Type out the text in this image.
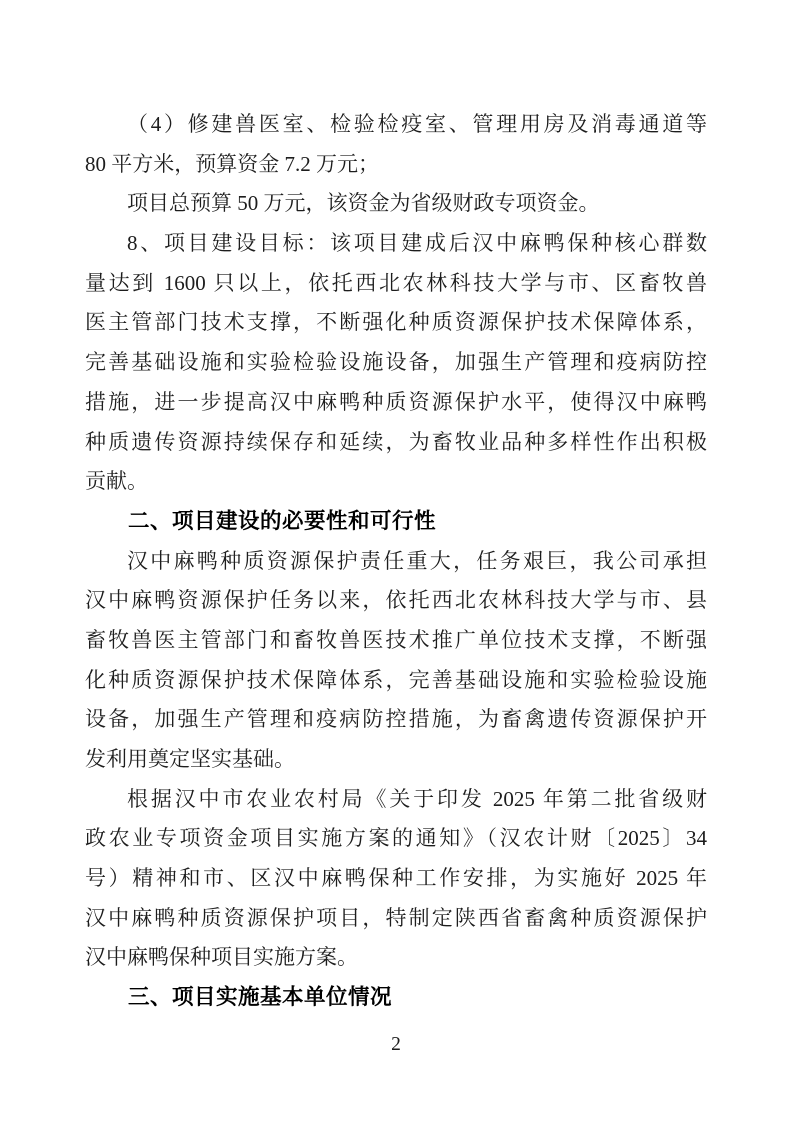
（4）修建兽医室、检验检疫室、管理用房及消毒通道等
80 平方米，预算资金 7.2 万元；
项目总预算 50 万元，该资金为省级财政专项资金。
8、项目建设目标：该项目建成后汉中麻鸭保种核心群数
量达到 1600 只以上，依托西北农林科技大学与市、区畜牧兽
医主管部门技术支撑，不断强化种质资源保护技术保障体系，
完善基础设施和实验检验设施设备，加强生产管理和疫病防控
措施，进一步提高汉中麻鸭种质资源保护水平，使得汉中麻鸭
种质遗传资源持续保存和延续，为畜牧业品种多样性作出积极
贡献。
二、项目建设的必要性和可行性
汉中麻鸭种质资源保护责任重大，任务艰巨，我公司承担
汉中麻鸭资源保护任务以来，依托西北农林科技大学与市、县
畜牧兽医主管部门和畜牧兽医技术推广单位技术支撑，不断强
化种质资源保护技术保障体系，完善基础设施和实验检验设施
设备，加强生产管理和疫病防控措施，为畜禽遗传资源保护开
发利用奠定坚实基础。
根据汉中市农业农村局《关于印发 2025 年第二批省级财
政农业专项资金项目实施方案的通知》（汉农计财〔2025〕34
号）精神和市、区汉中麻鸭保种工作安排，为实施好 2025 年
汉中麻鸭种质资源保护项目，特制定陕西省畜禽种质资源保护
汉中麻鸭保种项目实施方案。
三、项目实施基本单位情况
2
